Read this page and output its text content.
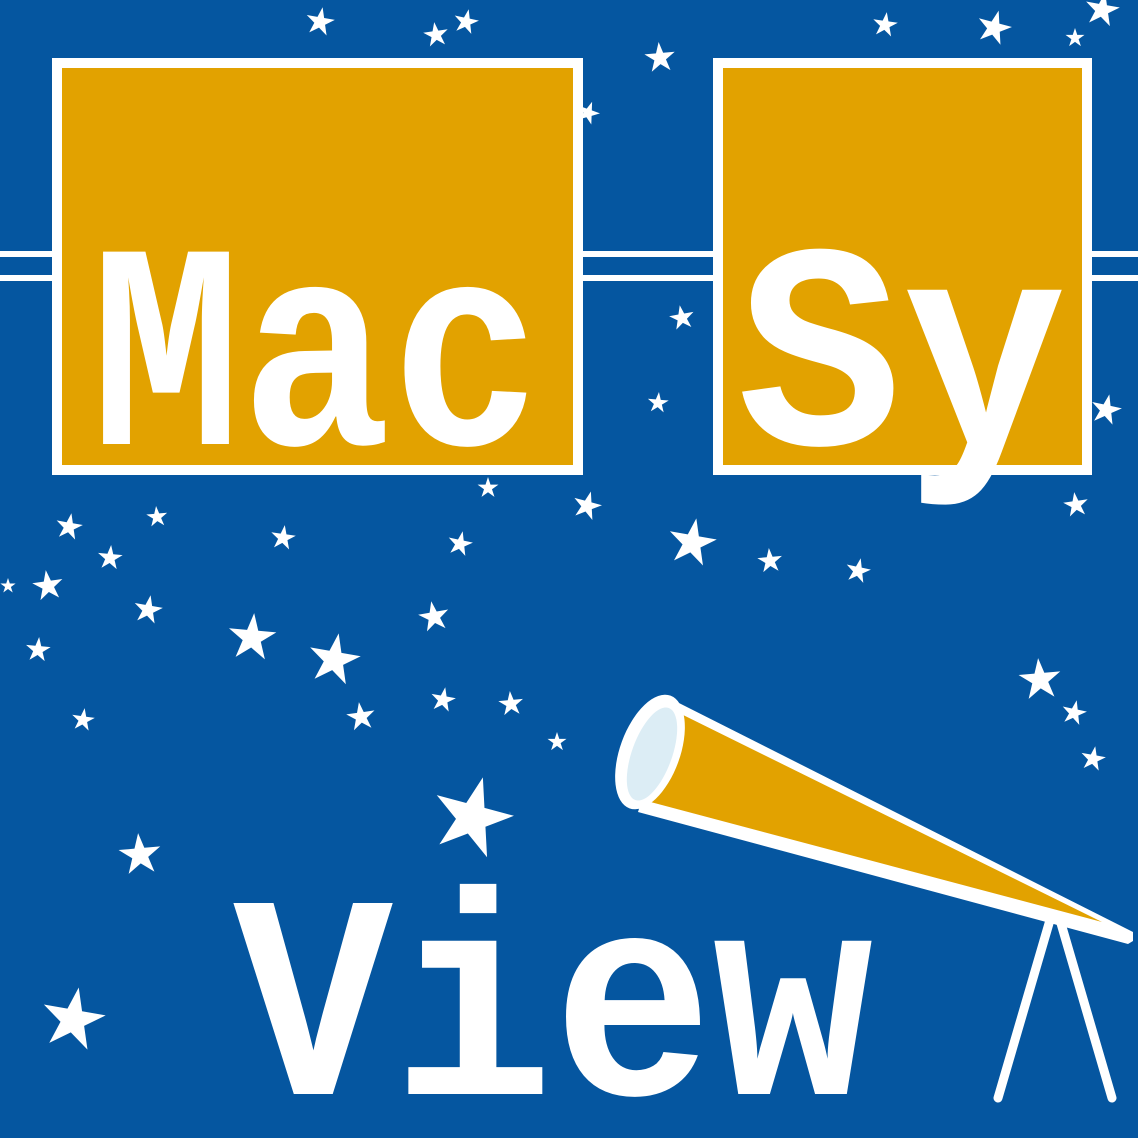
Mac Sy
View
